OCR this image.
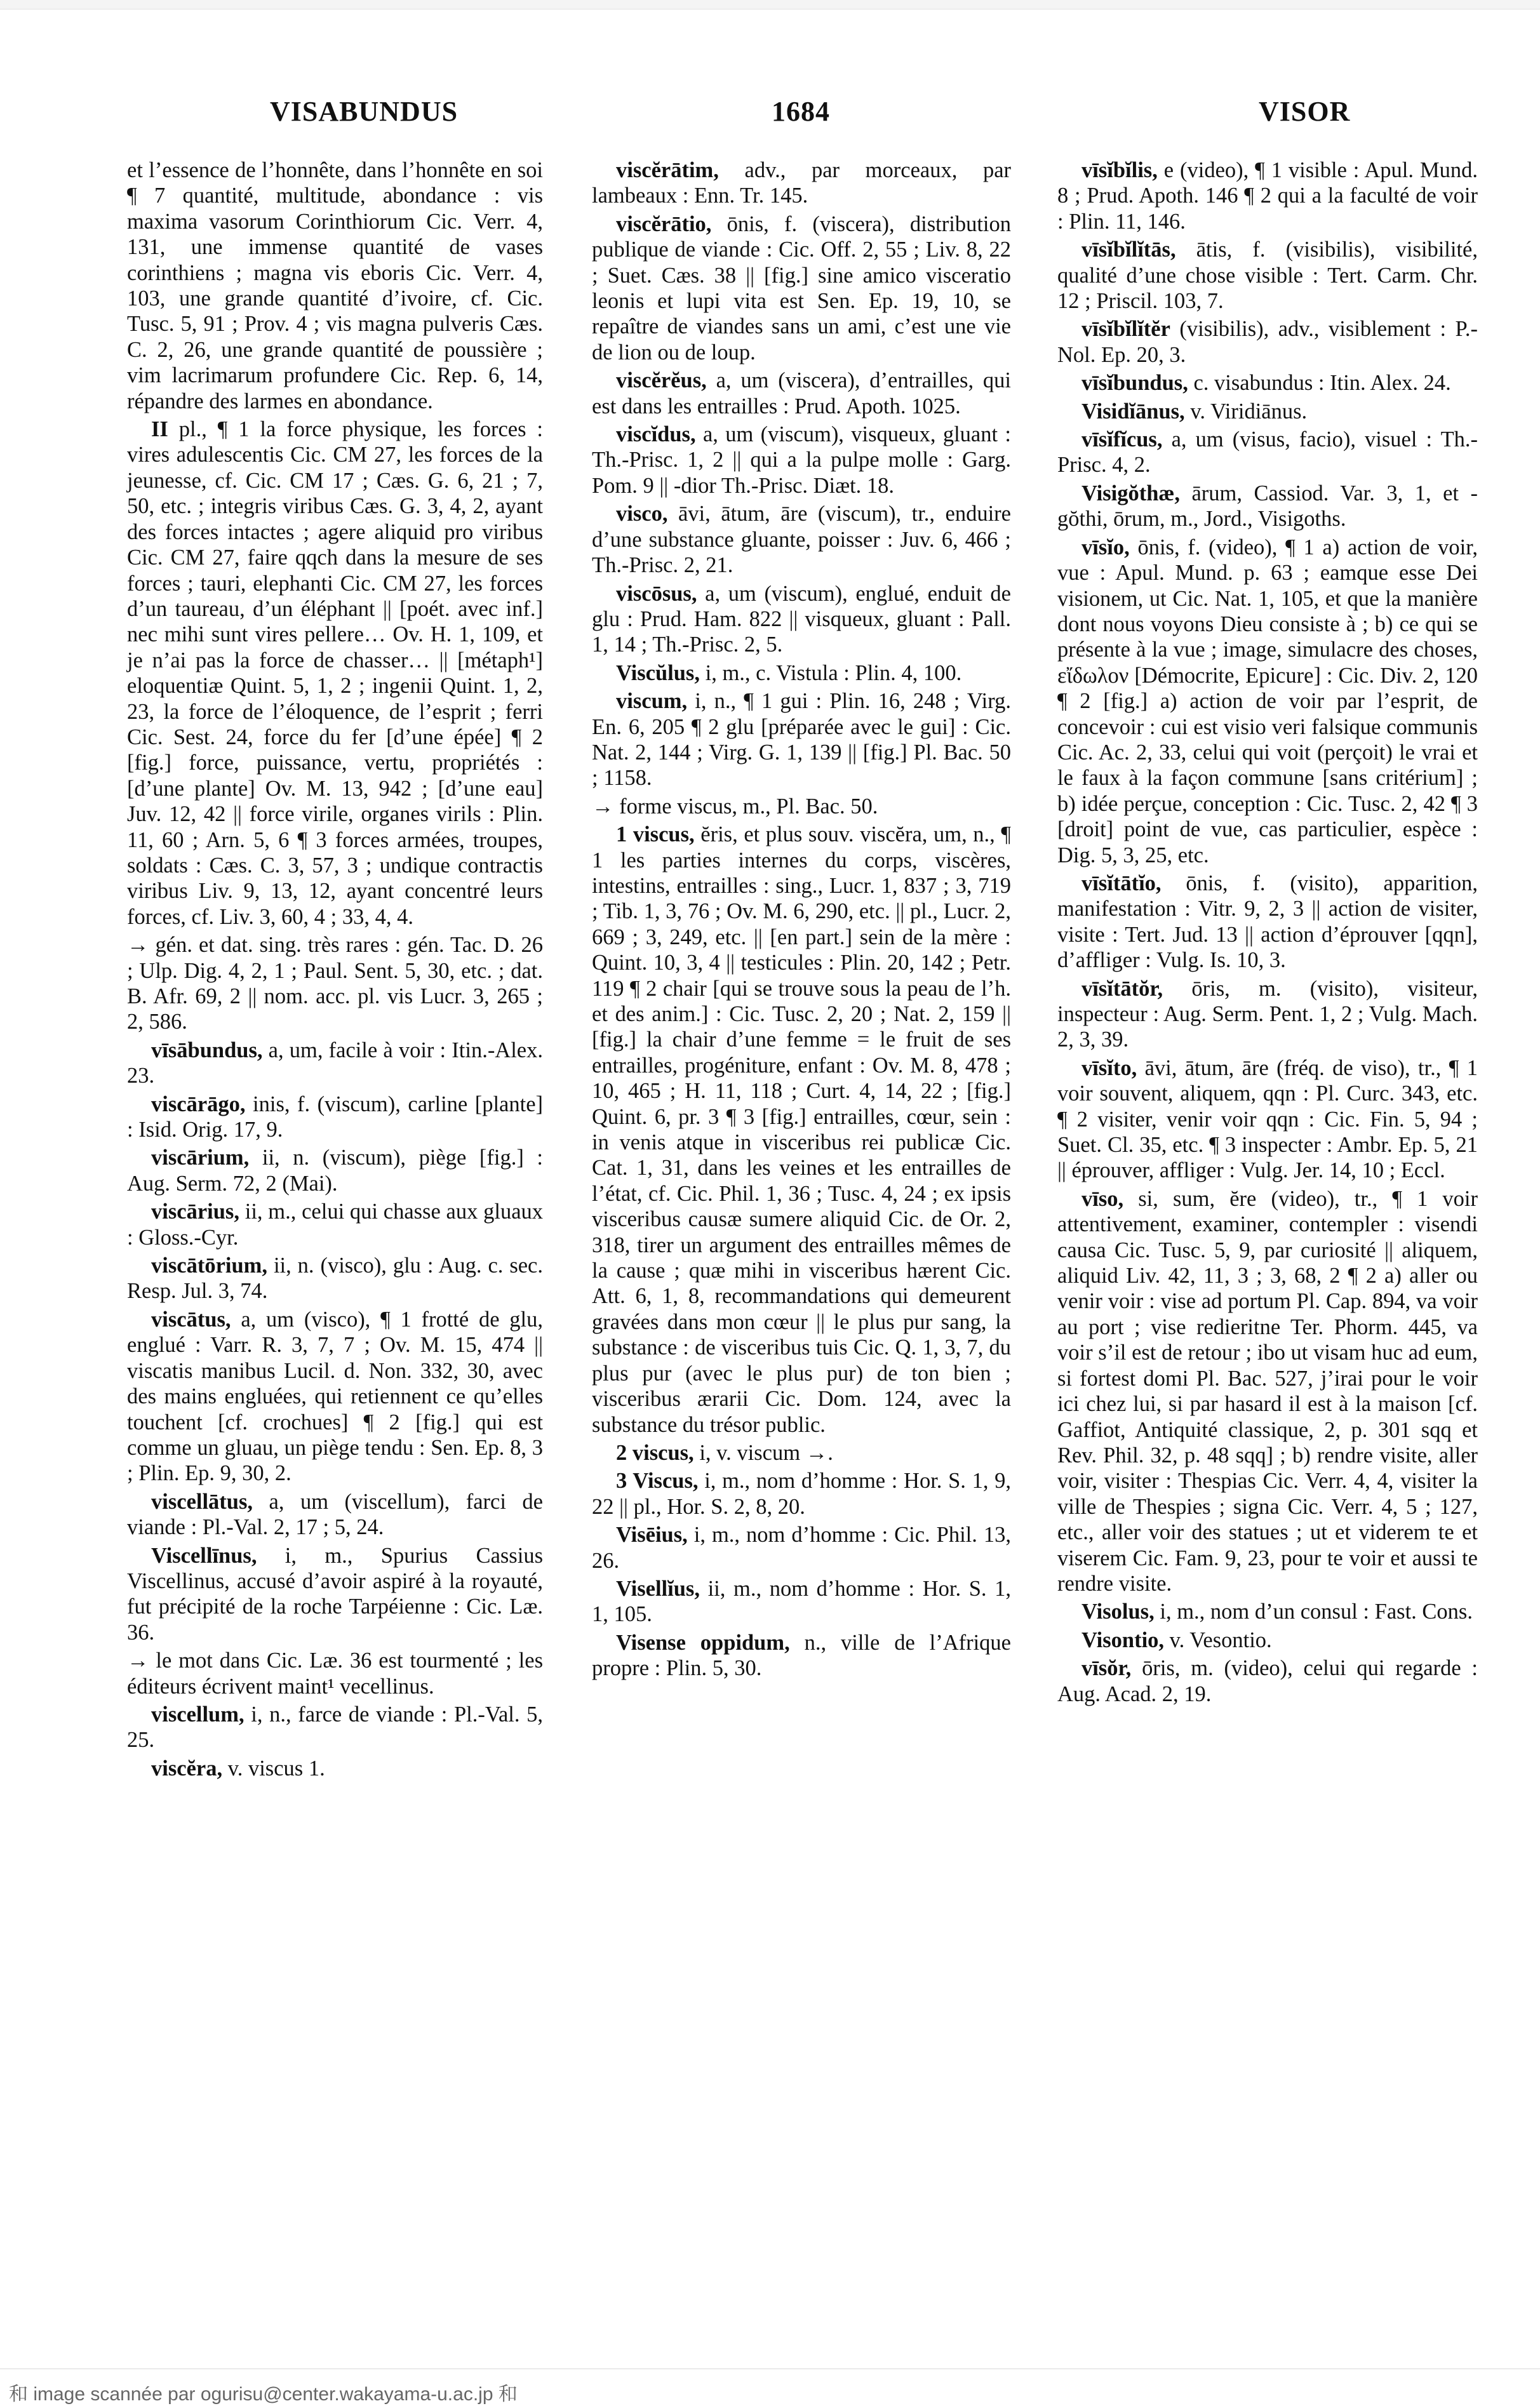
VISABUNDUS	1684	VISOR

et l’essence de l’honnête, dans l’honnête en soi ¶ 7 quantité, multitude, abondance : vis maxima vasorum Corinthiorum Cic. Verr. 4, 131, une immense quantité de vases corinthiens ; magna vis eboris Cic. Verr. 4, 103, une grande quantité d’ivoire, cf. Cic. Tusc. 5, 91 ; Prov. 4 ; vis magna pulveris Cæs. C. 2, 26, une grande quantité de poussière ; vim lacrimarum profundere Cic. Rep. 6, 14, répandre des larmes en abondance.

II pl., ¶ 1 la force physique, les forces : vires adulescentis Cic. CM 27, les forces de la jeunesse, cf. Cic. CM 17 ; Cæs. G. 6, 21 ; 7, 50, etc. ; integris viribus Cæs. G. 3, 4, 2, ayant des forces intactes ; agere aliquid pro viribus Cic. CM 27, faire qqch dans la mesure de ses forces ; tauri, elephanti Cic. CM 27, les forces d’un taureau, d’un éléphant || [poét. avec inf.] nec mihi sunt vires pellere… Ov. H. 1, 109, et je n’ai pas la force de chasser… || [métaph¹] eloquentiæ Quint. 5, 1, 2 ; ingenii Quint. 1, 2, 23, la force de l’éloquence, de l’esprit ; ferri Cic. Sest. 24, force du fer [d’une épée] ¶ 2 [fig.] force, puissance, vertu, propriétés : [d’une plante] Ov. M. 13, 942 ; [d’une eau] Juv. 12, 42 || force virile, organes virils : Plin. 11, 60 ; Arn. 5, 6 ¶ 3 forces armées, troupes, soldats : Cæs. C. 3, 57, 3 ; undique contractis viribus Liv. 9, 13, 12, ayant concentré leurs forces, cf. Liv. 3, 60, 4 ; 33, 4, 4.

→ gén. et dat. sing. très rares : gén. Tac. D. 26 ; Ulp. Dig. 4, 2, 1 ; Paul. Sent. 5, 30, etc. ; dat. B. Afr. 69, 2 || nom. acc. pl. vis Lucr. 3, 265 ; 2, 586.

vīsābundus, a, um, facile à voir : Itin.-Alex. 23.

viscārāgo, inis, f. (viscum), carline [plante] : Isid. Orig. 17, 9.

viscārium, ii, n. (viscum), piège [fig.] : Aug. Serm. 72, 2 (Mai).

viscārius, ii, m., celui qui chasse aux gluaux : Gloss.-Cyr.

viscātōrium, ii, n. (visco), glu : Aug. c. sec. Resp. Jul. 3, 74.

viscātus, a, um (visco), ¶ 1 frotté de glu, englué : Varr. R. 3, 7, 7 ; Ov. M. 15, 474 || viscatis manibus Lucil. d. Non. 332, 30, avec des mains engluées, qui retiennent ce qu’elles touchent [cf. crochues] ¶ 2 [fig.] qui est comme un gluau, un piège tendu : Sen. Ep. 8, 3 ; Plin. Ep. 9, 30, 2.

viscellātus, a, um (viscellum), farci de viande : Pl.-Val. 2, 17 ; 5, 24.

Viscellīnus, i, m., Spurius Cassius Viscellinus, accusé d’avoir aspiré à la royauté, fut précipité de la roche Tarpéienne : Cic. Læ. 36.

→ le mot dans Cic. Læ. 36 est tourmenté ; les éditeurs écrivent maint¹ vecellinus.

viscellum, i, n., farce de viande : Pl.-Val. 5, 25.

viscĕra, v. viscus 1.

viscĕrātim, adv., par morceaux, par lambeaux : Enn. Tr. 145.

viscĕrātio, ōnis, f. (viscera), distribution publique de viande : Cic. Off. 2, 55 ; Liv. 8, 22 ; Suet. Cæs. 38 || [fig.] sine amico visceratio leonis et lupi vita est Sen. Ep. 19, 10, se repaître de viandes sans un ami, c’est une vie de lion ou de loup.

viscĕrĕus, a, um (viscera), d’entrailles, qui est dans les entrailles : Prud. Apoth. 1025.

viscĭdus, a, um (viscum), visqueux, gluant : Th.-Prisc. 1, 2 || qui a la pulpe molle : Garg. Pom. 9 || -dior Th.-Prisc. Diæt. 18.

visco, āvi, ātum, āre (viscum), tr., enduire d’une substance gluante, poisser : Juv. 6, 466 ; Th.-Prisc. 2, 21.

viscōsus, a, um (viscum), englué, enduit de glu : Prud. Ham. 822 || visqueux, gluant : Pall. 1, 14 ; Th.-Prisc. 2, 5.

Viscŭlus, i, m., c. Vistula : Plin. 4, 100.

viscum, i, n., ¶ 1 gui : Plin. 16, 248 ; Virg. En. 6, 205 ¶ 2 glu [préparée avec le gui] : Cic. Nat. 2, 144 ; Virg. G. 1, 139 || [fig.] Pl. Bac. 50 ; 1158.

→ forme viscus, m., Pl. Bac. 50.

1 viscus, ĕris, et plus souv. viscĕra, um, n., ¶ 1 les parties internes du corps, viscères, intestins, entrailles : sing., Lucr. 1, 837 ; 3, 719 ; Tib. 1, 3, 76 ; Ov. M. 6, 290, etc. || pl., Lucr. 2, 669 ; 3, 249, etc. || [en part.] sein de la mère : Quint. 10, 3, 4 || testicules : Plin. 20, 142 ; Petr. 119 ¶ 2 chair [qui se trouve sous la peau de l’h. et des anim.] : Cic. Tusc. 2, 20 ; Nat. 2, 159 || [fig.] la chair d’une femme = le fruit de ses entrailles, progéniture, enfant : Ov. M. 8, 478 ; 10, 465 ; H. 11, 118 ; Curt. 4, 14, 22 ; [fig.] Quint. 6, pr. 3 ¶ 3 [fig.] entrailles, cœur, sein : in venis atque in visceribus rei publicæ Cic. Cat. 1, 31, dans les veines et les entrailles de l’état, cf. Cic. Phil. 1, 36 ; Tusc. 4, 24 ; ex ipsis visceribus causæ sumere aliquid Cic. de Or. 2, 318, tirer un argument des entrailles mêmes de la cause ; quæ mihi in visceribus hærent Cic. Att. 6, 1, 8, recommandations qui demeurent gravées dans mon cœur || le plus pur sang, la substance : de visceribus tuis Cic. Q. 1, 3, 7, du plus pur (avec le plus pur) de ton bien ; visceribus ærarii Cic. Dom. 124, avec la substance du trésor public.

2 viscus, i, v. viscum →.

3 Viscus, i, m., nom d’homme : Hor. S. 1, 9, 22 || pl., Hor. S. 2, 8, 20.

Visēius, i, m., nom d’homme : Cic. Phil. 13, 26.

Visellĭus, ii, m., nom d’homme : Hor. S. 1, 1, 105.

Visense oppidum, n., ville de l’Afrique propre : Plin. 5, 30.

vīsĭbĭlis, e (video), ¶ 1 visible : Apul. Mund. 8 ; Prud. Apoth. 146 ¶ 2 qui a la faculté de voir : Plin. 11, 146.

vīsĭbĭlĭtās, ātis, f. (visibilis), visibilité, qualité d’une chose visible : Tert. Carm. Chr. 12 ; Priscil. 103, 7.

vīsĭbĭlĭtĕr (visibilis), adv., visiblement : P.-Nol. Ep. 20, 3.

vīsĭbundus, c. visabundus : Itin. Alex. 24.

Visidĭānus, v. Viridiānus.

vīsĭfĭcus, a, um (visus, facio), visuel : Th.-Prisc. 4, 2.

Visigŏthæ, ārum, Cassiod. Var. 3, 1, et -gŏthi, ōrum, m., Jord., Visigoths.

vīsĭo, ōnis, f. (video), ¶ 1 a) action de voir, vue : Apul. Mund. p. 63 ; eamque esse Dei visionem, ut Cic. Nat. 1, 105, et que la manière dont nous voyons Dieu consiste à ; b) ce qui se présente à la vue ; image, simulacre des choses, εἴδωλον [Démocrite, Epicure] : Cic. Div. 2, 120 ¶ 2 [fig.] a) action de voir par l’esprit, de concevoir : cui est visio veri falsique communis Cic. Ac. 2, 33, celui qui voit (perçoit) le vrai et le faux à la façon commune [sans critérium] ; b) idée perçue, conception : Cic. Tusc. 2, 42 ¶ 3 [droit] point de vue, cas particulier, espèce : Dig. 5, 3, 25, etc.

vīsĭtātĭo, ōnis, f. (visito), apparition, manifestation : Vitr. 9, 2, 3 || action de visiter, visite : Tert. Jud. 13 || action d’éprouver [qqn], d’affliger : Vulg. Is. 10, 3.

vīsĭtātŏr, ōris, m. (visito), visiteur, inspecteur : Aug. Serm. Pent. 1, 2 ; Vulg. Mach. 2, 3, 39.

vīsĭto, āvi, ātum, āre (fréq. de viso), tr., ¶ 1 voir souvent, aliquem, qqn : Pl. Curc. 343, etc. ¶ 2 visiter, venir voir qqn : Cic. Fin. 5, 94 ; Suet. Cl. 35, etc. ¶ 3 inspecter : Ambr. Ep. 5, 21 || éprouver, affliger : Vulg. Jer. 14, 10 ; Eccl.

vīso, si, sum, ĕre (video), tr., ¶ 1 voir attentivement, examiner, contempler : visendi causa Cic. Tusc. 5, 9, par curiosité || aliquem, aliquid Liv. 42, 11, 3 ; 3, 68, 2 ¶ 2 a) aller ou venir voir : vise ad portum Pl. Cap. 894, va voir au port ; vise redieritne Ter. Phorm. 445, va voir s’il est de retour ; ibo ut visam huc ad eum, si fortest domi Pl. Bac. 527, j’irai pour le voir ici chez lui, si par hasard il est à la maison [cf. Gaffiot, Antiquité classique, 2, p. 301 sqq et Rev. Phil. 32, p. 48 sqq] ; b) rendre visite, aller voir, visiter : Thespias Cic. Verr. 4, 4, visiter la ville de Thespies ; signa Cic. Verr. 4, 5 ; 127, etc., aller voir des statues ; ut et viderem te et viserem Cic. Fam. 9, 23, pour te voir et aussi te rendre visite.

Visolus, i, m., nom d’un consul : Fast. Cons.

Visontio, v. Vesontio.

vīsŏr, ōris, m. (video), celui qui regarde : Aug. Acad. 2, 19.

和 image scannée par ogurisu@center.wakayama-u.ac.jp 和
